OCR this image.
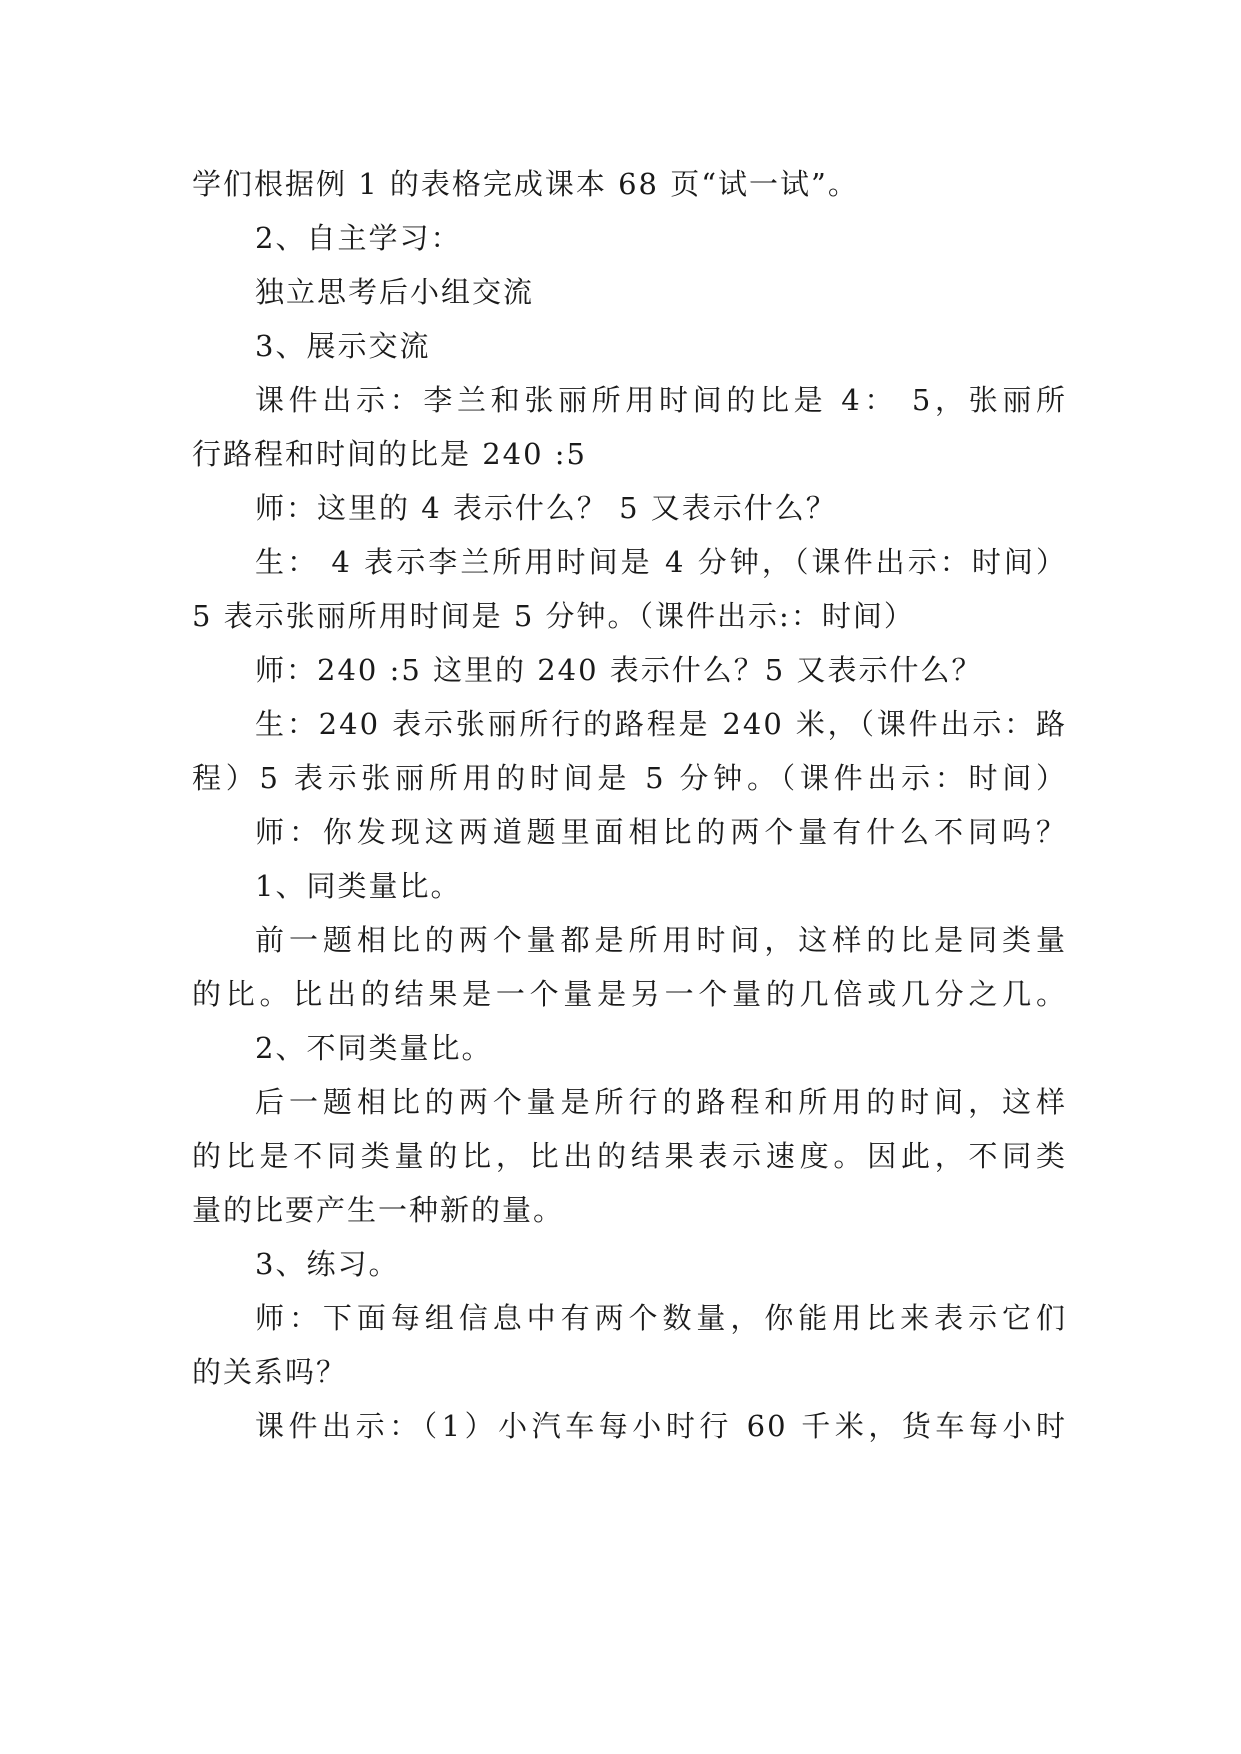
学们根据例 1 的表格完成课本 68 页“试一试”。
2、自主学习：
独立思考后小组交流
3、展示交流
课件出示：李兰和张丽所用时间的比是 4： 5，张丽所
行路程和时间的比是 240 :5
师：这里的 4 表示什么？ 5 又表示什么？
生： 4 表示李兰所用时间是 4 分钟，（课件出示：时间）
5 表示张丽所用时间是 5 分钟。（课件出示:：时间）
师：240 :5 这里的 240 表示什么？5 又表示什么？
生：240 表示张丽所行的路程是 240 米，（课件出示：路
程）5 表示张丽所用的时间是 5 分钟。（课件出示：时间）
师：你发现这两道题里面相比的两个量有什么不同吗？
1、同类量比。
前一题相比的两个量都是所用时间，这样的比是同类量
的比。比出的结果是一个量是另一个量的几倍或几分之几。
2、不同类量比。
后一题相比的两个量是所行的路程和所用的时间，这样
的比是不同类量的比，比出的结果表示速度。因此，不同类
量的比要产生一种新的量。
3、练习。
师：下面每组信息中有两个数量，你能用比来表示它们
的关系吗？
课件出示：（1）小汽车每小时行 60 千米，货车每小时
